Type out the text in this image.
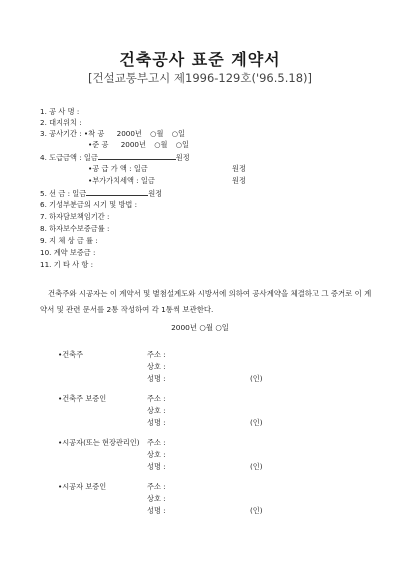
건축공사 표준 계약서
[건설교통부고시 제1996-129호('96.5.18)]
1. 공 사 명 :
2. 대지위치 :
3. 공사기간 : •착 공 2000년 ○월 ○일
•준 공 2000년 ○월 ○일
4. 도급금액 : 일금	원정
•공 급 가 액 : 일금	원정
•부가가치세액 : 일금	원정
5. 선 금 : 일금	원정
6. 기성부분금의 시기 및 방법 :
7. 하자담보책임기간 :
8. 하자보수보증금률 :
9. 지 체 상 금 률 :
10. 계약 보증금 :
11. 기 타 사 항 :
건축주와 시공자는 이 계약서 및 별첨설계도와 시방서에 의하여 공사계약을 체결하고 그 증거로 이 계약서 및 관련 문서를 2통 작성하여 각 1통씩 보관한다.
2000년 ○월 ○일
•건축주	주소 :
상호 :
성명 :	(인)
•건축주 보증인	주소 :
상호 :
성명 :	(인)
•시공자(또는 현장관리인) 주소 :
상호 :
성명 :	(인)
•시공자 보증인	주소 :
상호 :
성명 :	(인)
